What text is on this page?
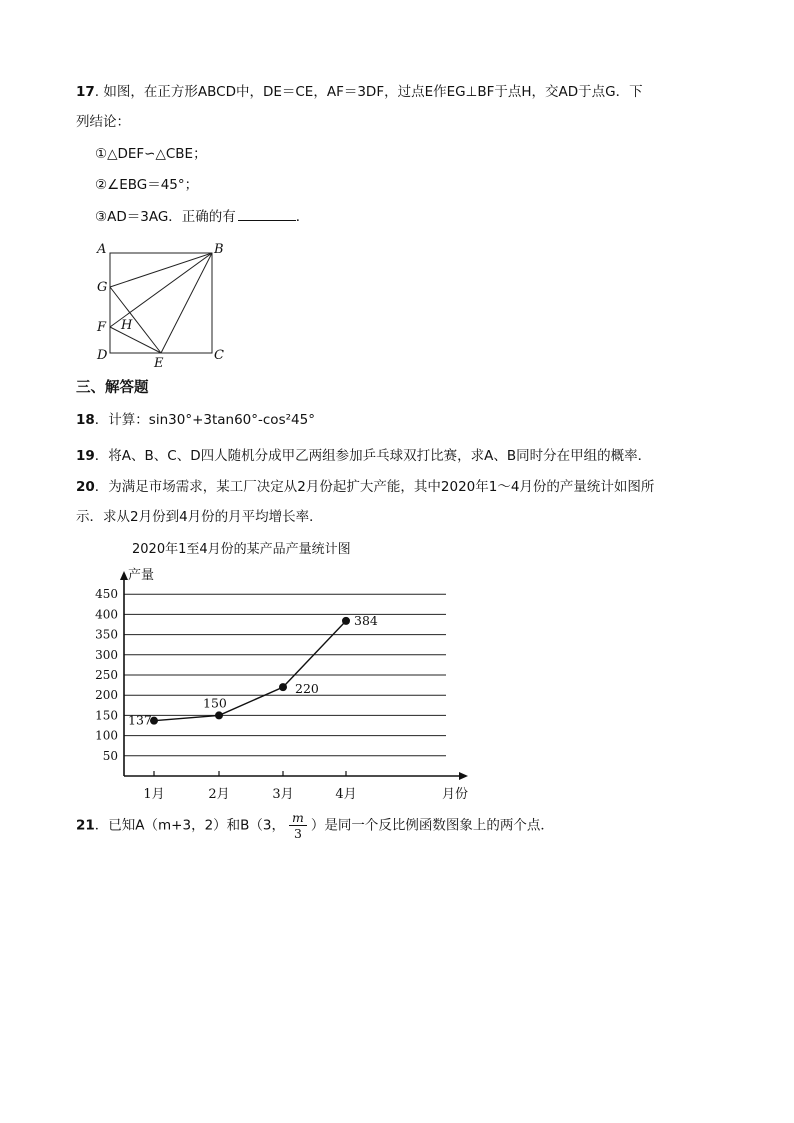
17. 如图，在正方形ABCD中，DE＝CE，AF＝3DF，过点E作EG⊥BF于点H，交AD于点G．下
列结论：
①△DEF∽△CBE；
②∠EBG＝45°；
③AD＝3AG．正确的有	．
A	B
C
D
E
F
G
H
三、解答题
18．计算：sin30°+3tan60°-cos²45°
19．将A、B、C、D四人随机分成甲乙两组参加乒乓球双打比赛，求A、B同时分在甲组的概率．
20．为满足市场需求，某工厂决定从2月份起扩大产能，其中2020年1～4月份的产量统计如图所
示．求从2月份到4月份的月平均增长率．
2020年1至4月份的某产品产量统计图
50
100
150
200
250
300
350
400
450
产量
月份
1月	2月	3月	4月
137
150
220
384
21．已知A（m+3，2）和B（3， $\frac{m}{3}$ ）是同一个反比例函数图象上的两个点．
